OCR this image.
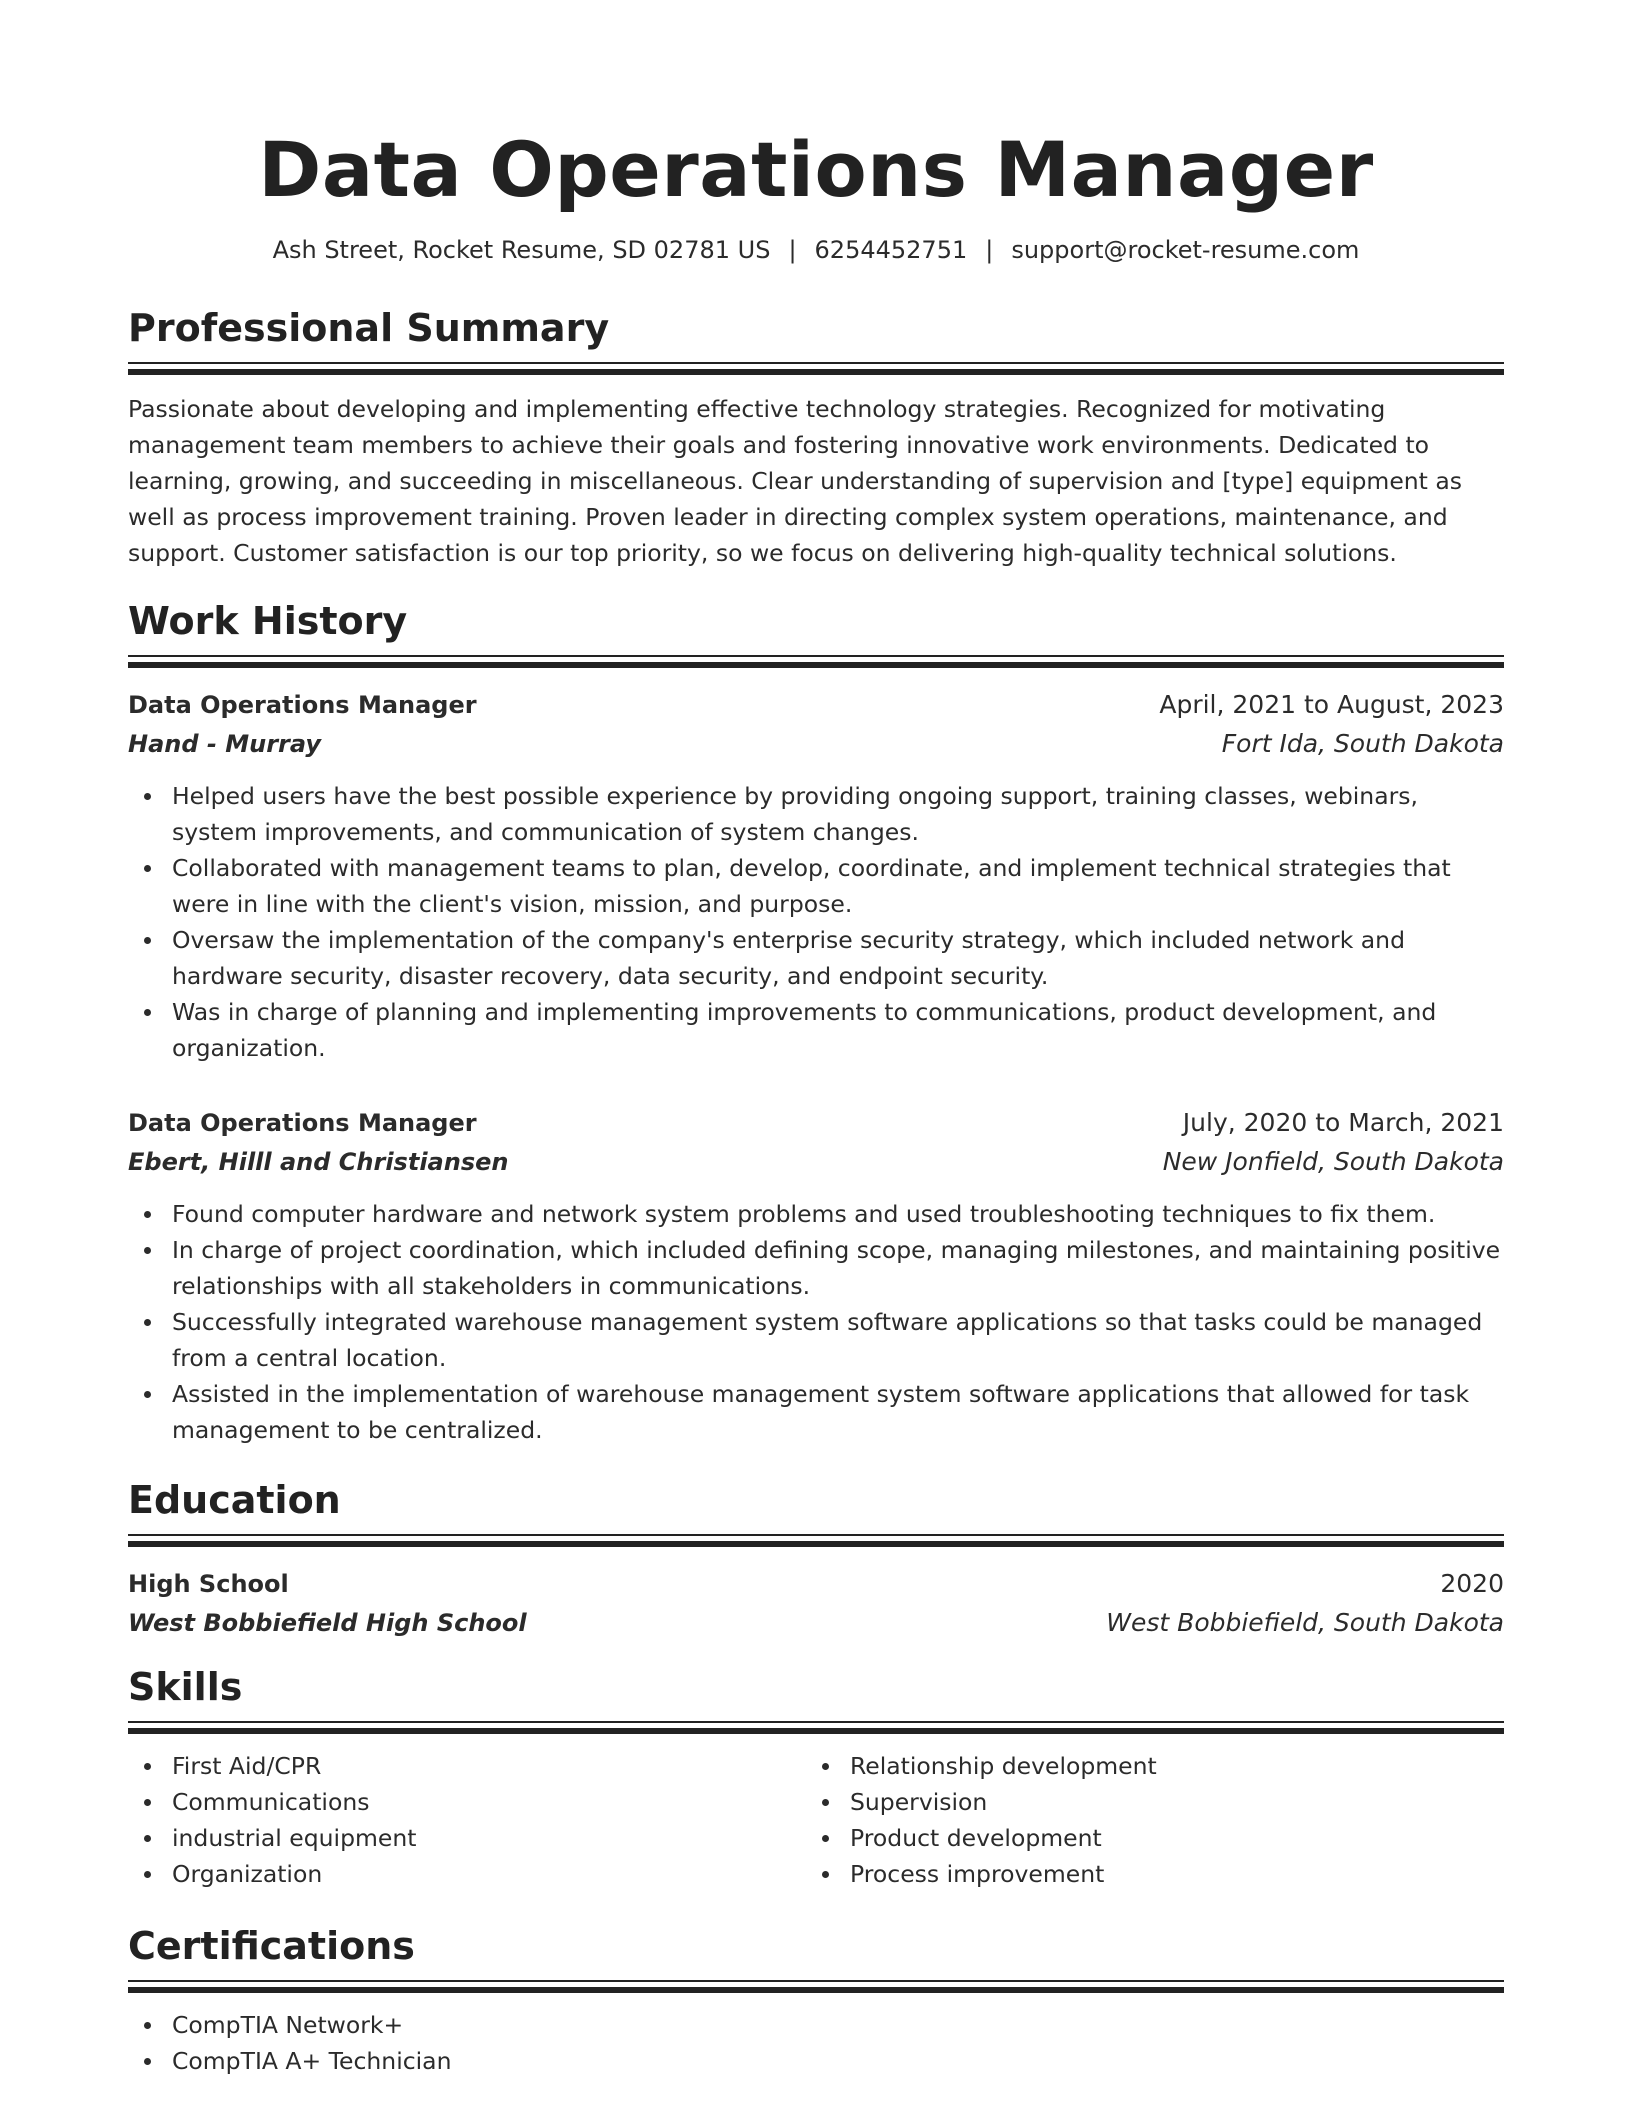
Data Operations Manager
Ash Street, Rocket Resume, SD 02781 US | 6254452751 | support@rocket-resume.com
Professional Summary

Passionate about developing and implementing effective technology strategies. Recognized for motivating management team members to achieve their goals and fostering innovative work environments. Dedicated to learning, growing, and succeeding in miscellaneous. Clear understanding of supervision and [type] equipment as well as process improvement training. Proven leader in directing complex system operations, maintenance, and support. Customer satisfaction is our top priority, so we focus on delivering high-quality technical solutions.

Work History
Data Operations Manager	April, 2021 to August, 2023
Hand - Murray	Fort Ida, South Dakota
Helped users have the best possible experience by providing ongoing support, training classes, webinars, system improvements, and communication of system changes.
Collaborated with management teams to plan, develop, coordinate, and implement technical strategies that were in line with the client's vision, mission, and purpose.
Oversaw the implementation of the company's enterprise security strategy, which included network and hardware security, disaster recovery, data security, and endpoint security.
Was in charge of planning and implementing improvements to communications, product development, and organization.
Data Operations Manager	July, 2020 to March, 2021
Ebert, Hilll and Christiansen	New Jonfield, South Dakota
Found computer hardware and network system problems and used troubleshooting techniques to fix them.
In charge of project coordination, which included defining scope, managing milestones, and maintaining positive relationships with all stakeholders in communications.
Successfully integrated warehouse management system software applications so that tasks could be managed from a central location.
Assisted in the implementation of warehouse management system software applications that allowed for task management to be centralized.
Education
High School	2020
West Bobbiefield High School	West Bobbiefield, South Dakota
Skills
First Aid/CPR
Communications
industrial equipment
Organization
Relationship development
Supervision
Product development
Process improvement
Certifications
CompTIA Network+
CompTIA A+ Technician
